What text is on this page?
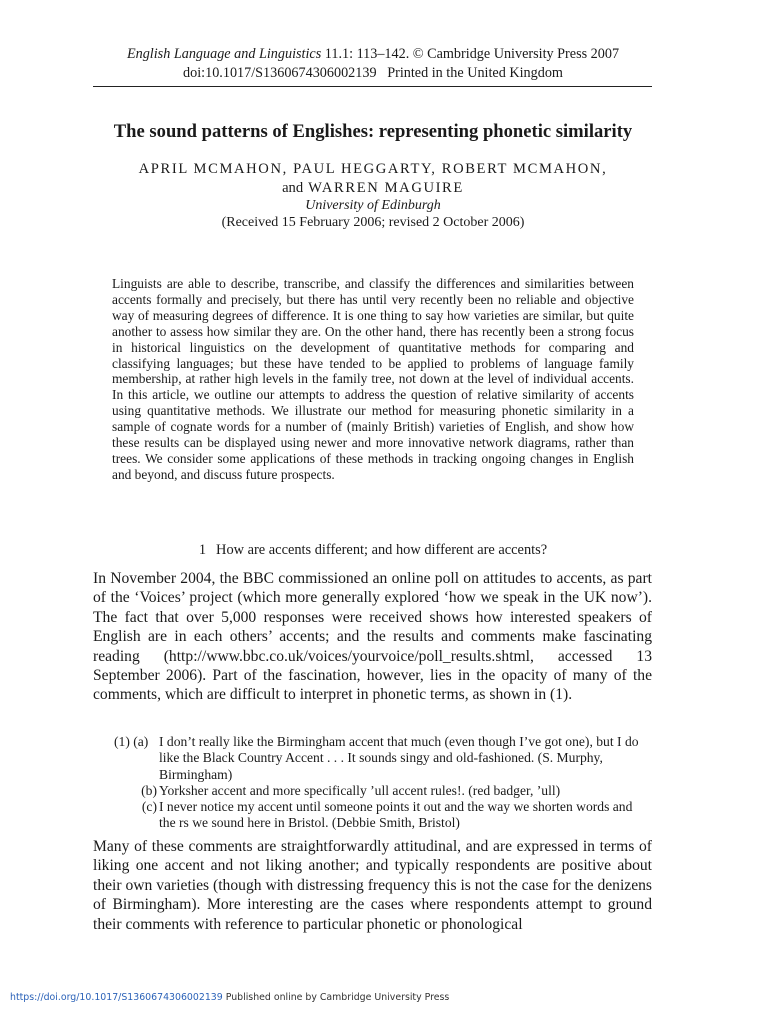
English Language and Linguistics 11.1: 113–142. © Cambridge University Press 2007
doi:10.1017/S1360674306002139   Printed in the United Kingdom
The sound patterns of Englishes: representing phonetic similarity
APRIL MCMAHON, PAUL HEGGARTY, ROBERT MCMAHON,
and WARREN MAGUIRE
University of Edinburgh
(Received 15 February 2006; revised 2 October 2006)
Linguists are able to describe, transcribe, and classify the differences and similarities between accents formally and precisely, but there has until very recently been no reliable and objective way of measuring degrees of difference. It is one thing to say how varieties are similar, but quite another to assess how similar they are. On the other hand, there has recently been a strong focus in historical linguistics on the development of quantitative methods for comparing and classifying languages; but these have tended to be applied to problems of language family membership, at rather high levels in the family tree, not down at the level of individual accents. In this article, we outline our attempts to address the question of relative similarity of accents using quantitative methods. We illustrate our method for measuring phonetic similarity in a sample of cognate words for a number of (mainly British) varieties of English, and show how these results can be displayed using newer and more innovative network diagrams, rather than trees. We consider some applications of these methods in tracking ongoing changes in English and beyond, and discuss future prospects.
1 How are accents different; and how different are accents?

In November 2004, the BBC commissioned an online poll on attitudes to accents, as part of the ‘Voices’ project (which more generally explored ‘how we speak in the UK now’). The fact that over 5,000 responses were received shows how interested speakers of English are in each others’ accents; and the results and comments make fascinating reading (http://www.bbc.co.uk/voices/yourvoice/poll_results.shtml, accessed 13 September 2006). Part of the fascination, however, lies in the opacity of many of the comments, which are difficult to interpret in phonetic terms, as shown in (1).

(1) (a) I don’t really like the Birmingham accent that much (even though I’ve got one), but I do like the Black Country Accent . . . It sounds singy and old-fashioned. (S. Murphy, Birmingham)
(b) Yorksher accent and more specifically ’ull accent rules!. (red badger, ’ull)
(c) I never notice my accent until someone points it out and the way we shorten words and the rs we sound here in Bristol. (Debbie Smith, Bristol)

Many of these comments are straightforwardly attitudinal, and are expressed in terms of liking one accent and not liking another; and typically respondents are positive about their own varieties (though with distressing frequency this is not the case for the denizens of Birmingham). More interesting are the cases where respondents attempt to ground their comments with reference to particular phonetic or phonological

https://doi.org/10.1017/S1360674306002139 Published online by Cambridge University Press
